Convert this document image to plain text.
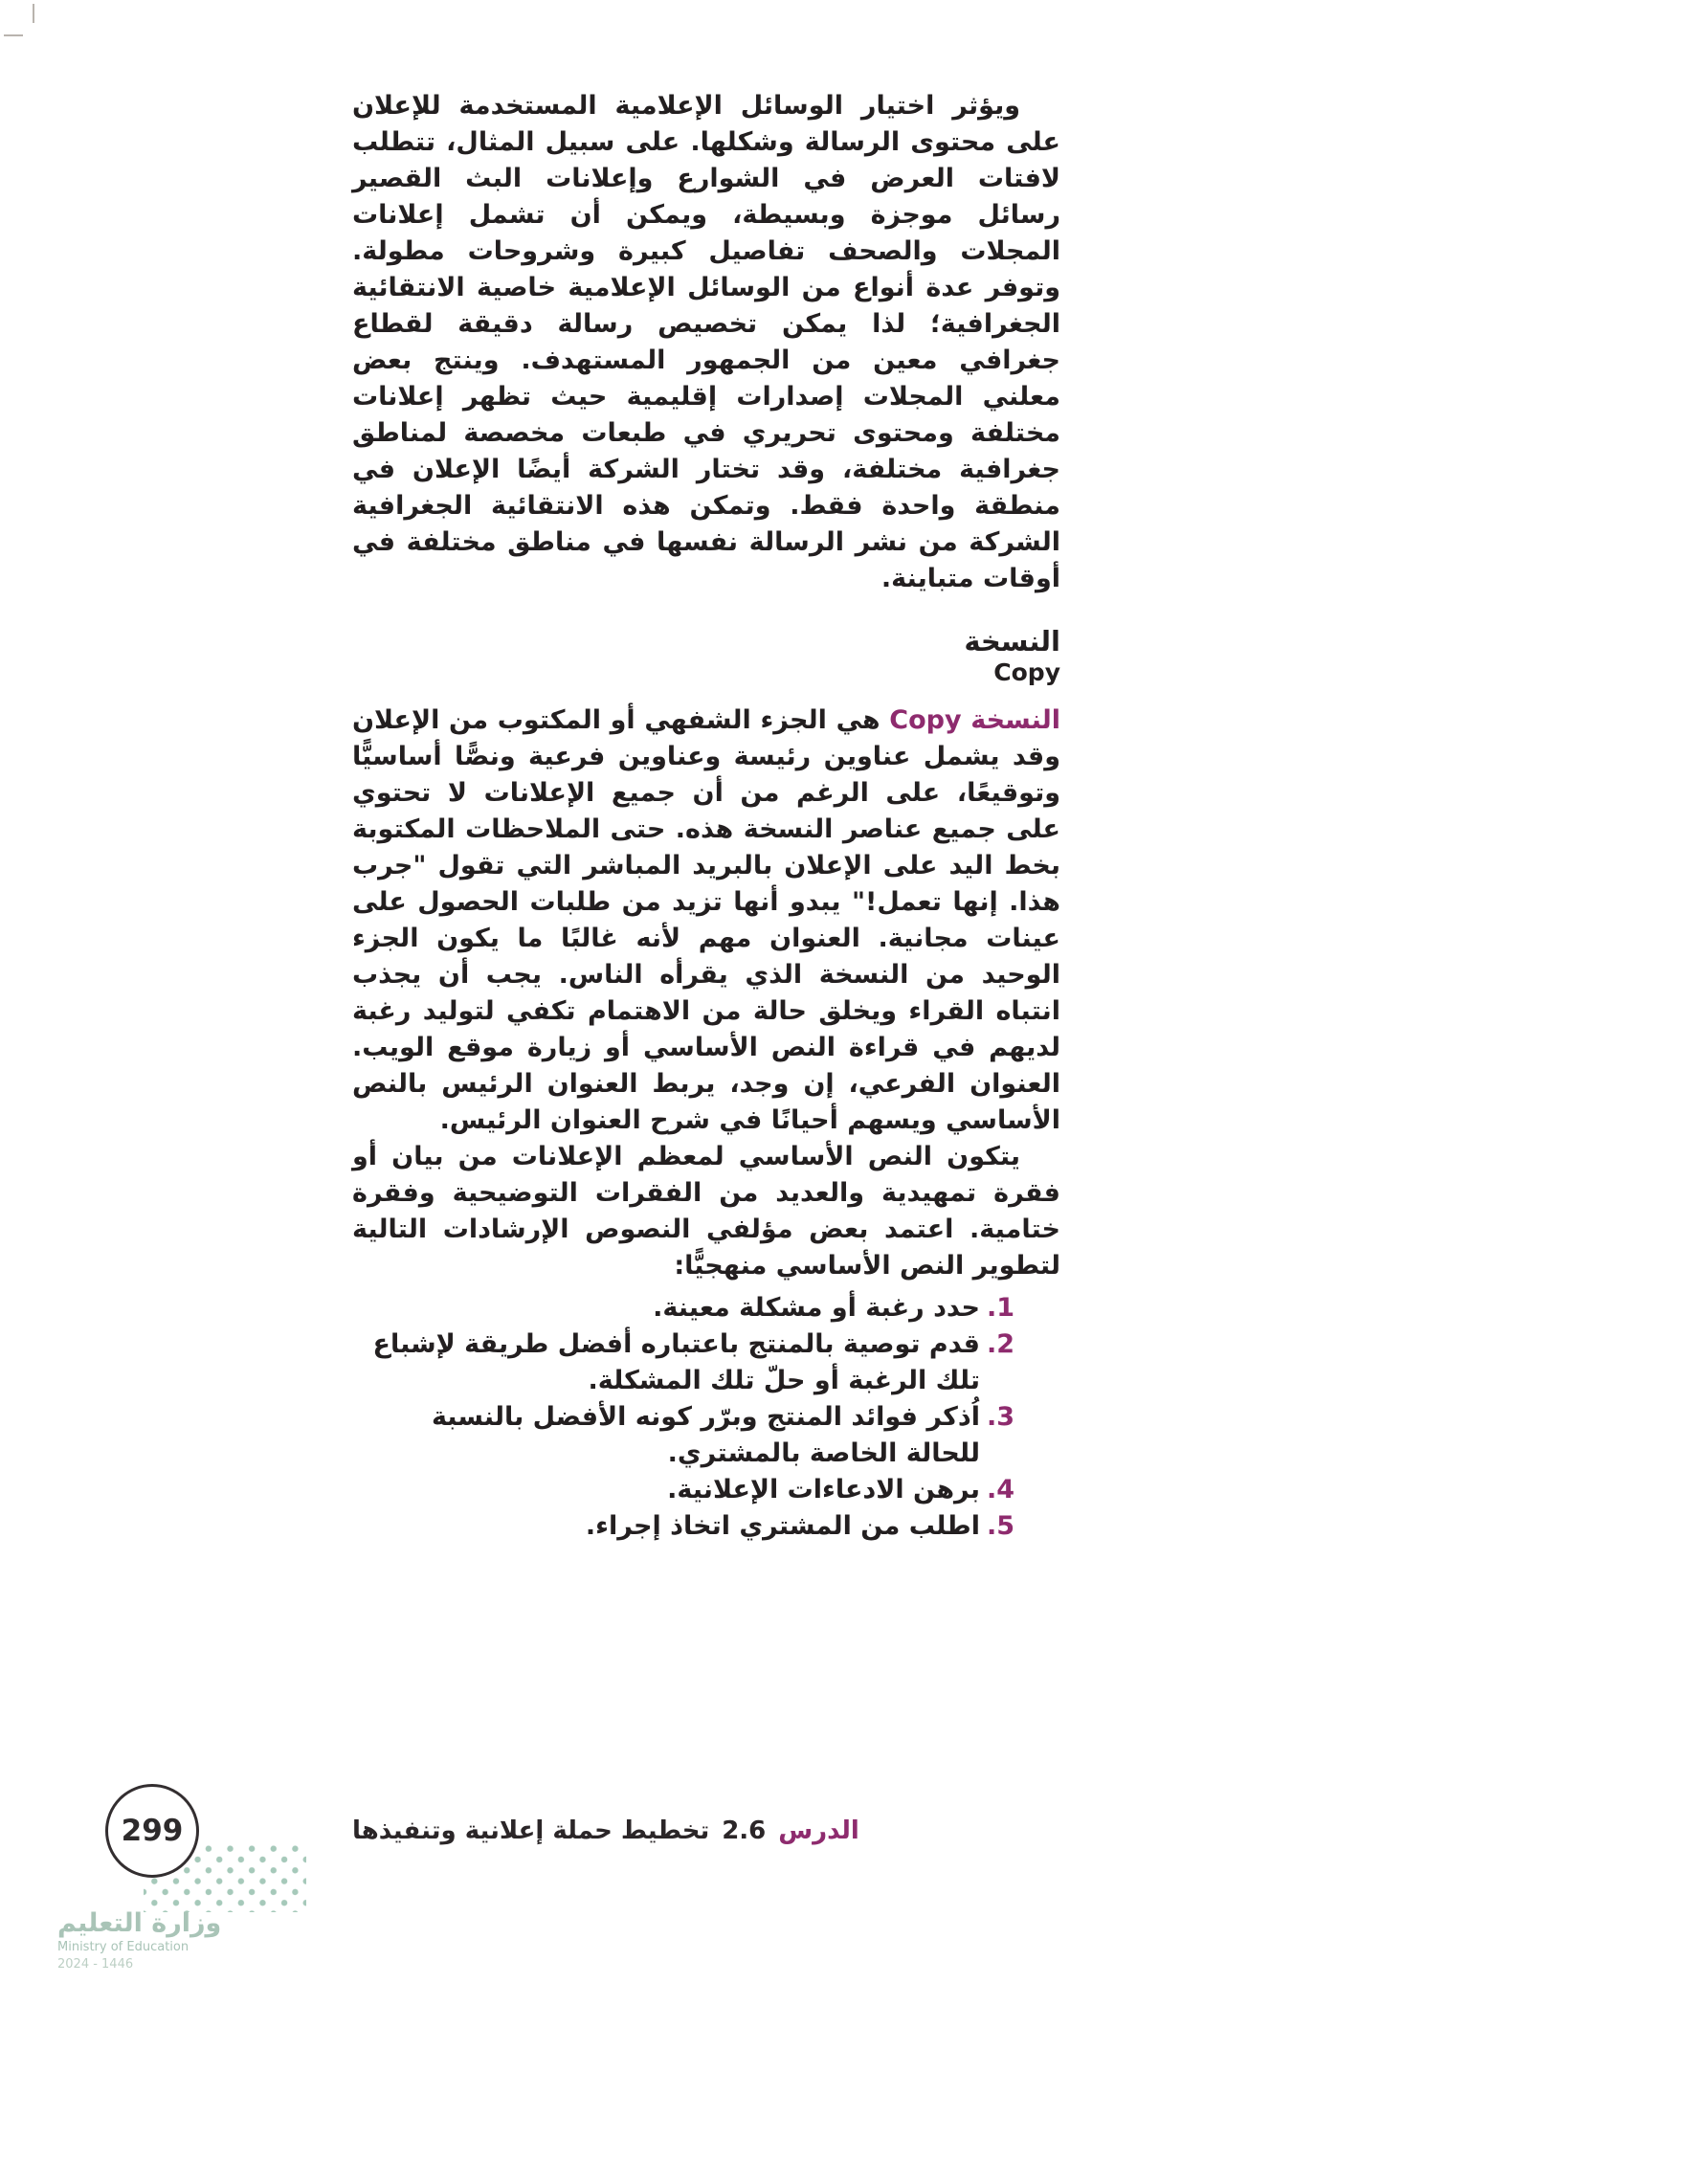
ويؤثر اختيار الوسائل الإعلامية المستخدمة للإعلان على محتوى الرسالة وشكلها. على سبيل المثال، تتطلب لافتات العرض في الشوارع وإعلانات البث القصير رسائل موجزة وبسيطة، ويمكن أن تشمل إعلانات المجلات والصحف تفاصيل كبيرة وشروحات مطولة. وتوفر عدة أنواع من الوسائل الإعلامية خاصية الانتقائية الجغرافية؛ لذا يمكن تخصيص رسالة دقيقة لقطاع جغرافي معين من الجمهور المستهدف. وينتج بعض معلني المجلات إصدارات إقليمية حيث تظهر إعلانات مختلفة ومحتوى تحريري في طبعات مخصصة لمناطق جغرافية مختلفة، وقد تختار الشركة أيضًا الإعلان في منطقة واحدة فقط. وتمكن هذه الانتقائية الجغرافية الشركة من نشر الرسالة نفسها في مناطق مختلفة في أوقات متباينة.

النسخة
Copy

النسخة Copy هي الجزء الشفهي أو المكتوب من الإعلان وقد يشمل عناوين رئيسة وعناوين فرعية ونصًّا أساسيًّا وتوقيعًا، على الرغم من أن جميع الإعلانات لا تحتوي على جميع عناصر النسخة هذه. حتى الملاحظات المكتوبة بخط اليد على الإعلان بالبريد المباشر التي تقول "جرب هذا. إنها تعمل!" يبدو أنها تزيد من طلبات الحصول على عينات مجانية. العنوان مهم لأنه غالبًا ما يكون الجزء الوحيد من النسخة الذي يقرأه الناس. يجب أن يجذب انتباه القراء ويخلق حالة من الاهتمام تكفي لتوليد رغبة لديهم في قراءة النص الأساسي أو زيارة موقع الويب. العنوان الفرعي، إن وجد، يربط العنوان الرئيس بالنص الأساسي ويسهم أحيانًا في شرح العنوان الرئيس.

يتكون النص الأساسي لمعظم الإعلانات من بيان أو فقرة تمهيدية والعديد من الفقرات التوضيحية وفقرة ختامية. اعتمد بعض مؤلفي النصوص الإرشادات التالية لتطوير النص الأساسي منهجيًّا:

1.
حدد رغبة أو مشكلة معينة.
2.
قدم توصية بالمنتج باعتباره أفضل طريقة لإشباع تلك الرغبة أو حلّ تلك المشكلة.
3.
اُذكر فوائد المنتج وبرّر كونه الأفضل بالنسبة للحالة الخاصة بالمشتري.
4.
برهن الادعاءات الإعلانية.
5.
اطلب من المشتري اتخاذ إجراء.
299	الدرس
2.6
تخطيط حملة إعلانية وتنفيذها
وزارة التعليم
Ministry of Education
2024 - 1446
